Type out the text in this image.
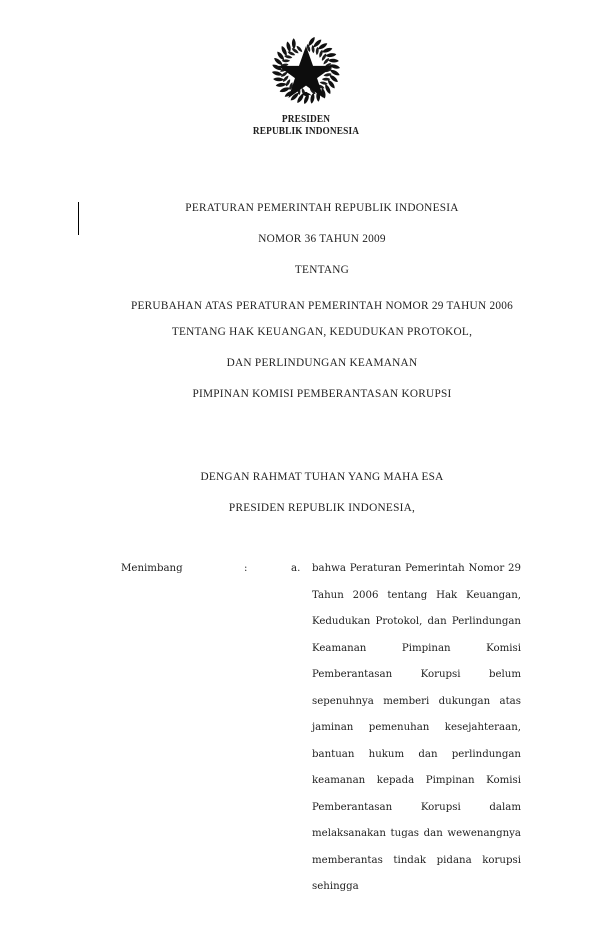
PRESIDEN
REPUBLIK INDONESIA
PERATURAN PEMERINTAH REPUBLIK INDONESIA
NOMOR 36 TAHUN 2009
TENTANG
PERUBAHAN ATAS PERATURAN PEMERINTAH NOMOR 29 TAHUN 2006
TENTANG HAK KEUANGAN, KEDUDUKAN PROTOKOL,
DAN PERLINDUNGAN KEAMANAN
PIMPINAN KOMISI PEMBERANTASAN KORUPSI
DENGAN RAHMAT TUHAN YANG MAHA ESA
PRESIDEN REPUBLIK INDONESIA,
Menimbang	:	a. bahwa Peraturan Pemerintah Nomor 29 Tahun 2006 tentang Hak Keuangan, Kedudukan Protokol, dan Perlindungan Keamanan Pimpinan Komisi Pemberantasan Korupsi belum sepenuhnya memberi dukungan atas jaminan pemenuhan kesejahteraan, bantuan hukum dan perlindungan keamanan kepada Pimpinan Komisi Pemberantasan Korupsi dalam melaksanakan tugas dan wewenangnya memberantas tindak pidana korupsi sehingga
